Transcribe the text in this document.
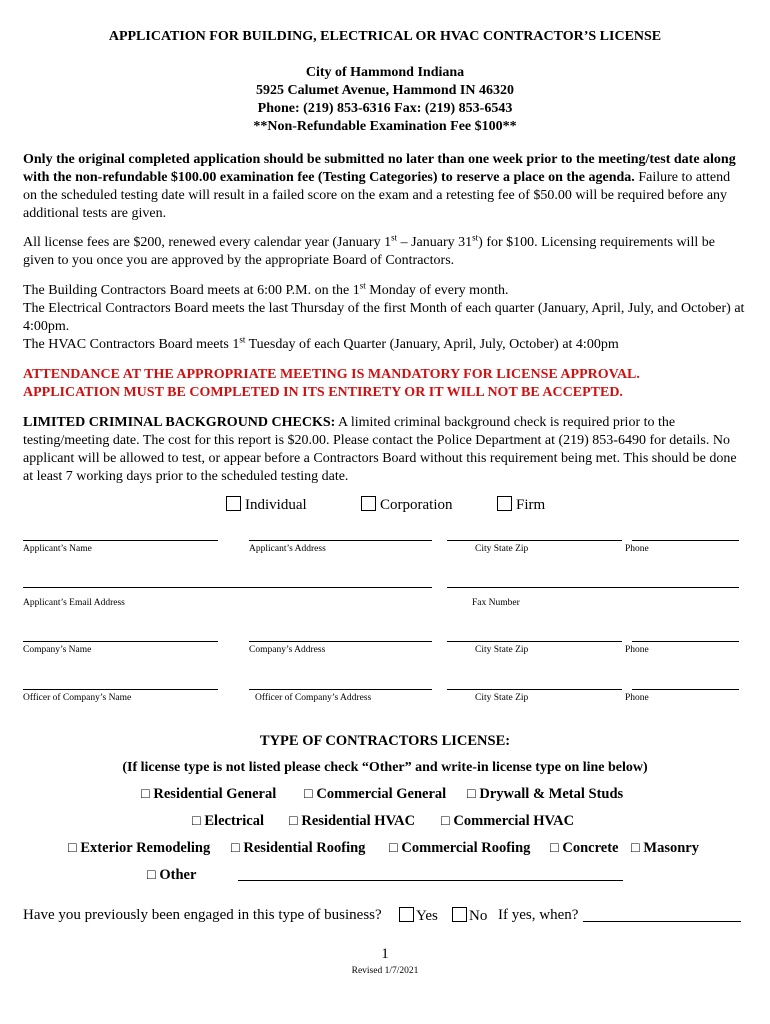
APPLICATION FOR BUILDING, ELECTRICAL OR HVAC CONTRACTOR’S LICENSE
City of Hammond Indiana
5925 Calumet Avenue, Hammond IN 46320
Phone: (219) 853-6316 Fax: (219) 853-6543
**Non-Refundable Examination Fee $100**
Only the original completed application should be submitted no later than one week prior to the meeting/test date along with the non-refundable $100.00 examination fee (Testing Categories) to reserve a place on the agenda. Failure to attend on the scheduled testing date will result in a failed score on the exam and a retesting fee of $50.00 will be required before any additional tests are given.
All license fees are $200, renewed every calendar year (January 1st – January 31st) for $100. Licensing requirements will be given to you once you are approved by the appropriate Board of Contractors.
The Building Contractors Board meets at 6:00 P.M. on the 1st Monday of every month.
The Electrical Contractors Board meets the last Thursday of the first Month of each quarter (January, April, July, and October) at 4:00pm.
The HVAC Contractors Board meets 1st Tuesday of each Quarter (January, April, July, October) at 4:00pm
ATTENDANCE AT THE APPROPRIATE MEETING IS MANDATORY FOR LICENSE APPROVAL.
APPLICATION MUST BE COMPLETED IN ITS ENTIRETY OR IT WILL NOT BE ACCEPTED.
LIMITED CRIMINAL BACKGROUND CHECKS: A limited criminal background check is required prior to the testing/meeting date. The cost for this report is $20.00. Please contact the Police Department at (219) 853-6490 for details. No applicant will be allowed to test, or appear before a Contractors Board without this requirement being met. This should be done at least 7 working days prior to the scheduled testing date.
Individual	Corporation	Firm
Applicant’s Name	Applicant’s Address	City State Zip	Phone
Applicant’s Email Address	Fax Number
Company’s Name	Company’s Address	City State Zip	Phone
Officer of Company’s Name	Officer of Company’s Address	City State Zip	Phone
TYPE OF CONTRACTORS LICENSE:
(If license type is not listed please check “Other” and write-in license type on line below)
□ Residential General □ Commercial General □ Drywall & Metal Studs
□ Electrical □ Residential HVAC □ Commercial HVAC
□ Exterior Remodeling □ Residential Roofing □ Commercial Roofing □ Concrete □ Masonry
□ Other
Have you previously been engaged in this type of business?	Yes	No If yes, when?
1
Revised 1/7/2021
